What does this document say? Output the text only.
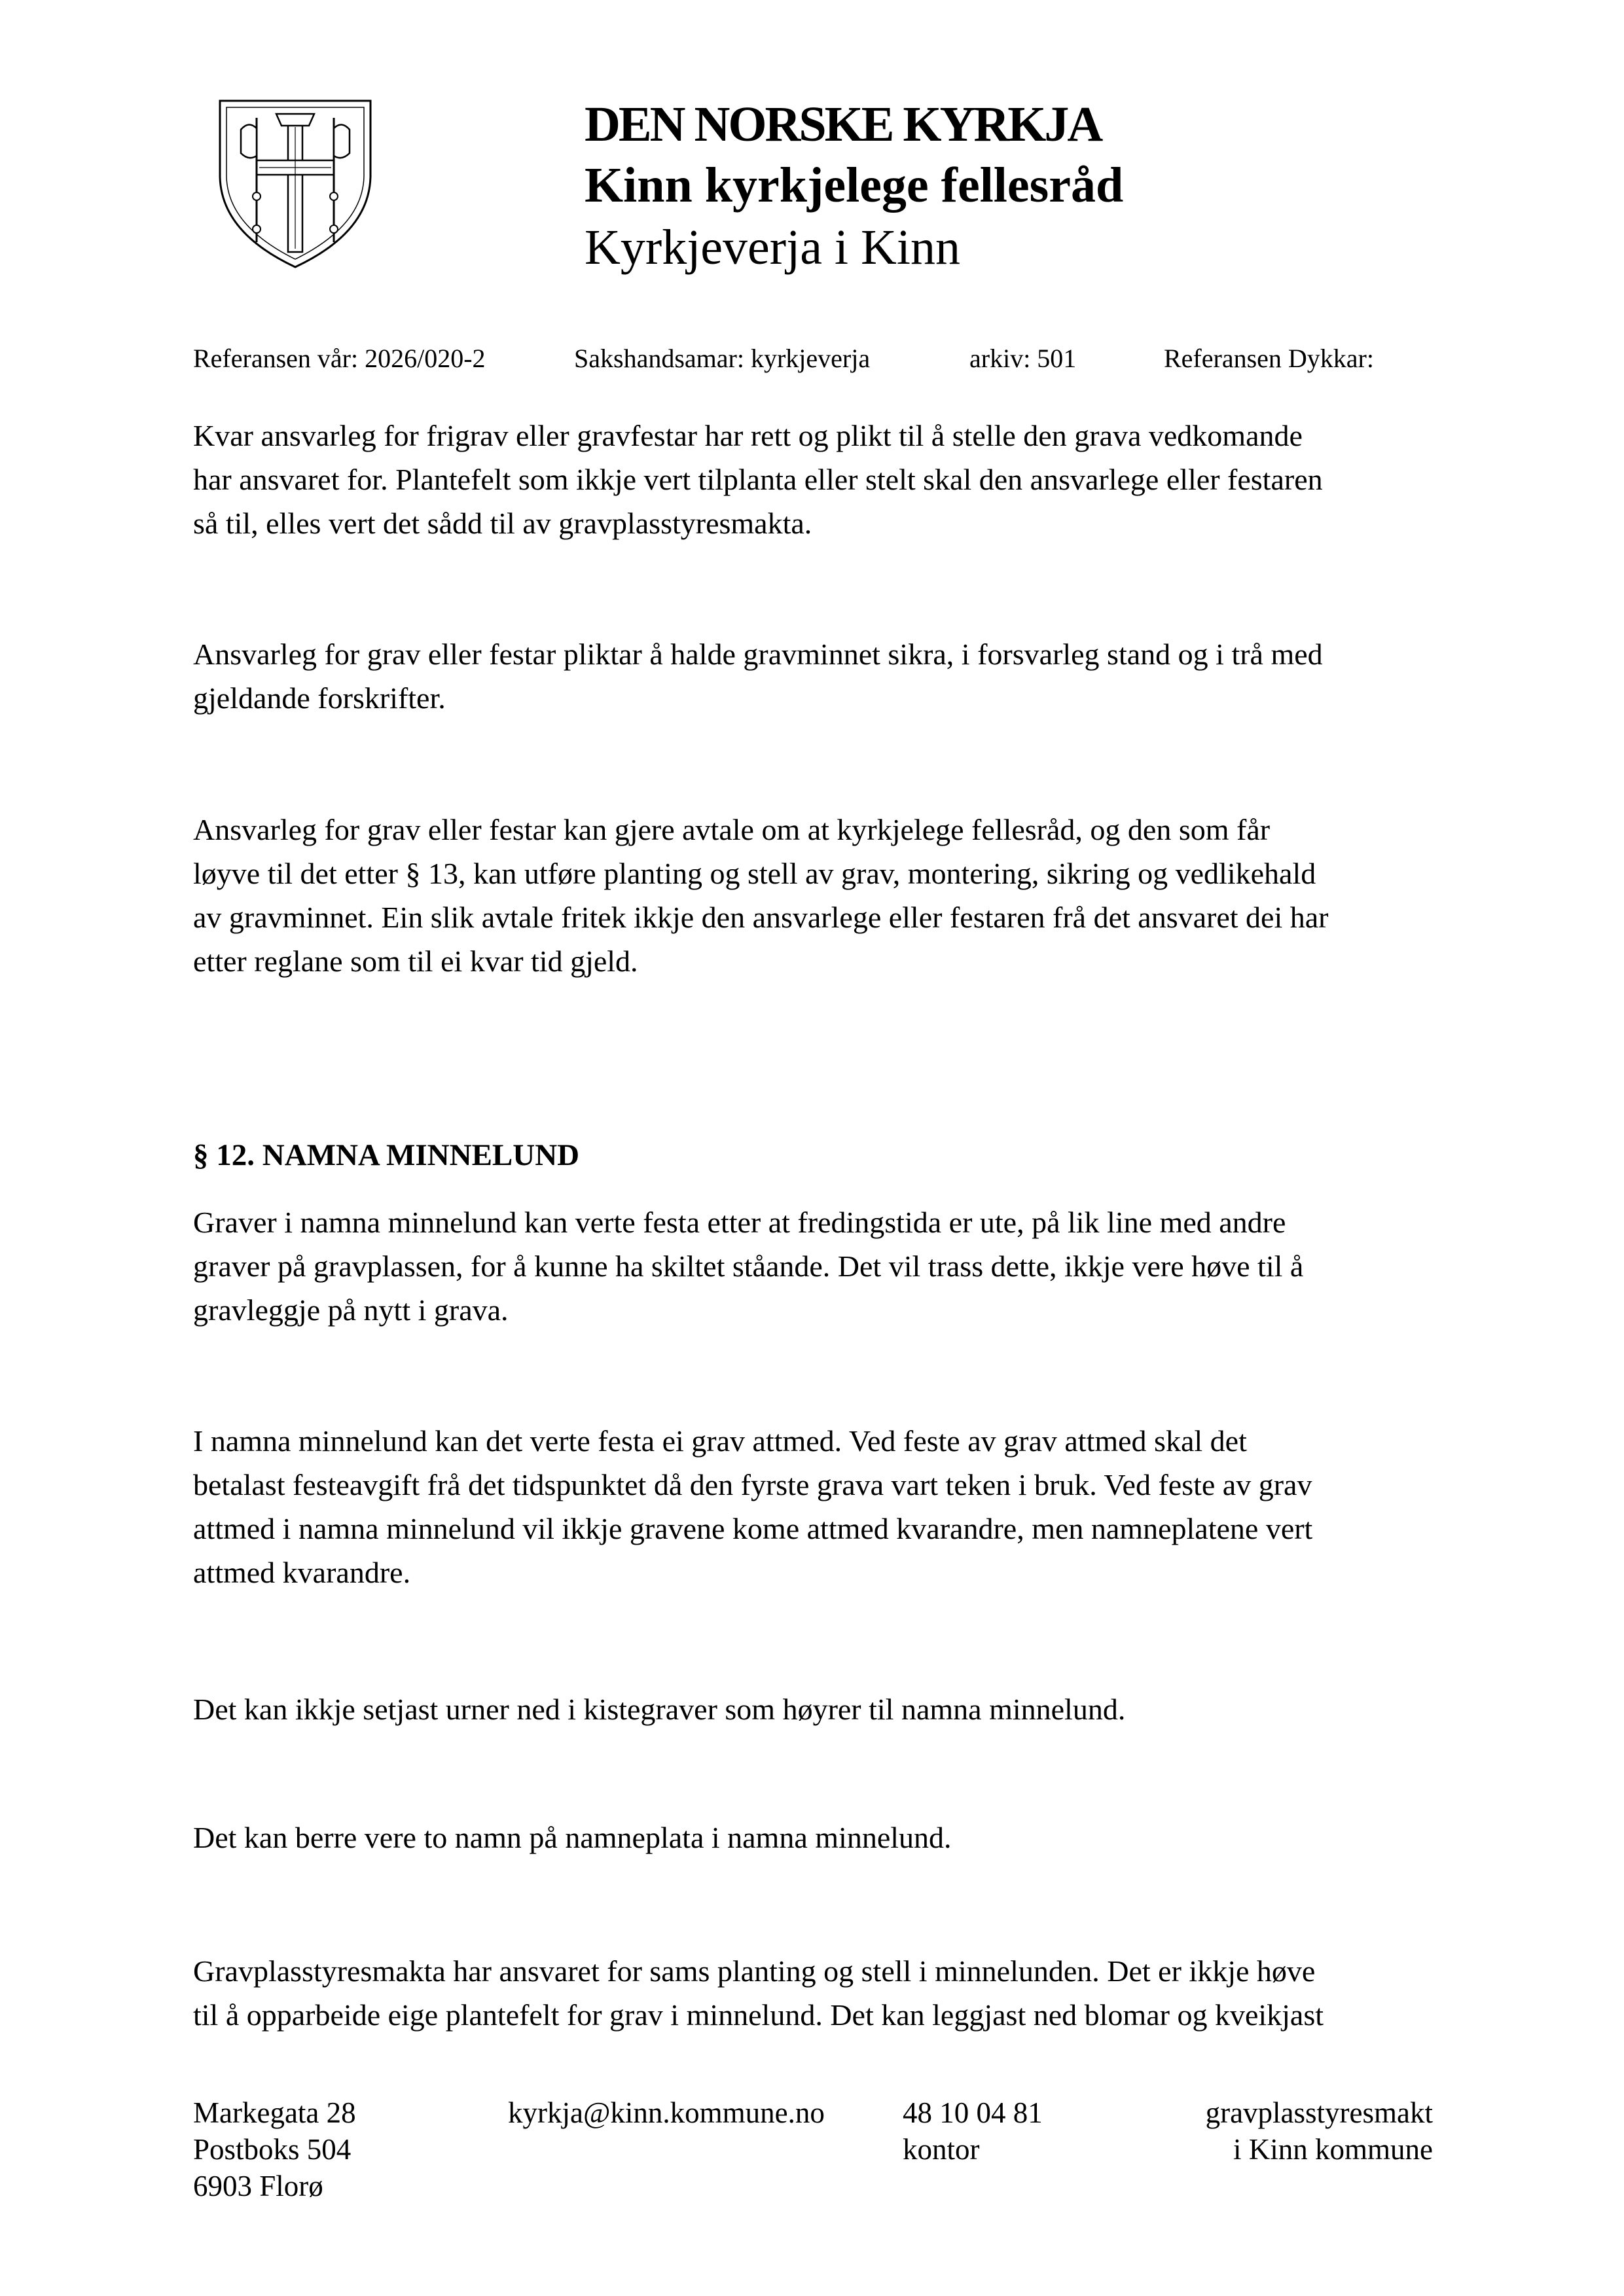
DEN NORSKE KYRKJA
Kinn kyrkjelege fellesråd
Kyrkjeverja i Kinn
Referansen vår: 2026/020-2	Sakshandsamar: kyrkjeverja	arkiv: 501	Referansen Dykkar:
Kvar ansvarleg for frigrav eller gravfestar har rett og plikt til å stelle den grava vedkomande
har ansvaret for. Plantefelt som ikkje vert tilplanta eller stelt skal den ansvarlege eller festaren
så til, elles vert det sådd til av gravplasstyresmakta.
Ansvarleg for grav eller festar pliktar å halde gravminnet sikra, i forsvarleg stand og i trå med
gjeldande forskrifter.
Ansvarleg for grav eller festar kan gjere avtale om at kyrkjelege fellesråd, og den som får
løyve til det etter § 13, kan utføre planting og stell av grav, montering, sikring og vedlikehald
av gravminnet. Ein slik avtale fritek ikkje den ansvarlege eller festaren frå det ansvaret dei har
etter reglane som til ei kvar tid gjeld.
§ 12. NAMNA MINNELUND
Graver i namna minnelund kan verte festa etter at fredingstida er ute, på lik line med andre
graver på gravplassen, for å kunne ha skiltet ståande. Det vil trass dette, ikkje vere høve til å
gravleggje på nytt i grava.
I namna minnelund kan det verte festa ei grav attmed. Ved feste av grav attmed skal det
betalast festeavgift frå det tidspunktet då den fyrste grava vart teken i bruk. Ved feste av grav
attmed i namna minnelund vil ikkje gravene kome attmed kvarandre, men namneplatene vert
attmed kvarandre.
Det kan ikkje setjast urner ned i kistegraver som høyrer til namna minnelund.
Det kan berre vere to namn på namneplata i namna minnelund.
Gravplasstyresmakta har ansvaret for sams planting og stell i minnelunden. Det er ikkje høve
til å opparbeide eige plantefelt for grav i minnelund. Det kan leggjast ned blomar og kveikjast
Markegata 28
Postboks 504
6903 Florø
kyrkja@kinn.kommune.no	48 10 04 81
kontor
gravplasstyresmakt
i Kinn kommune
